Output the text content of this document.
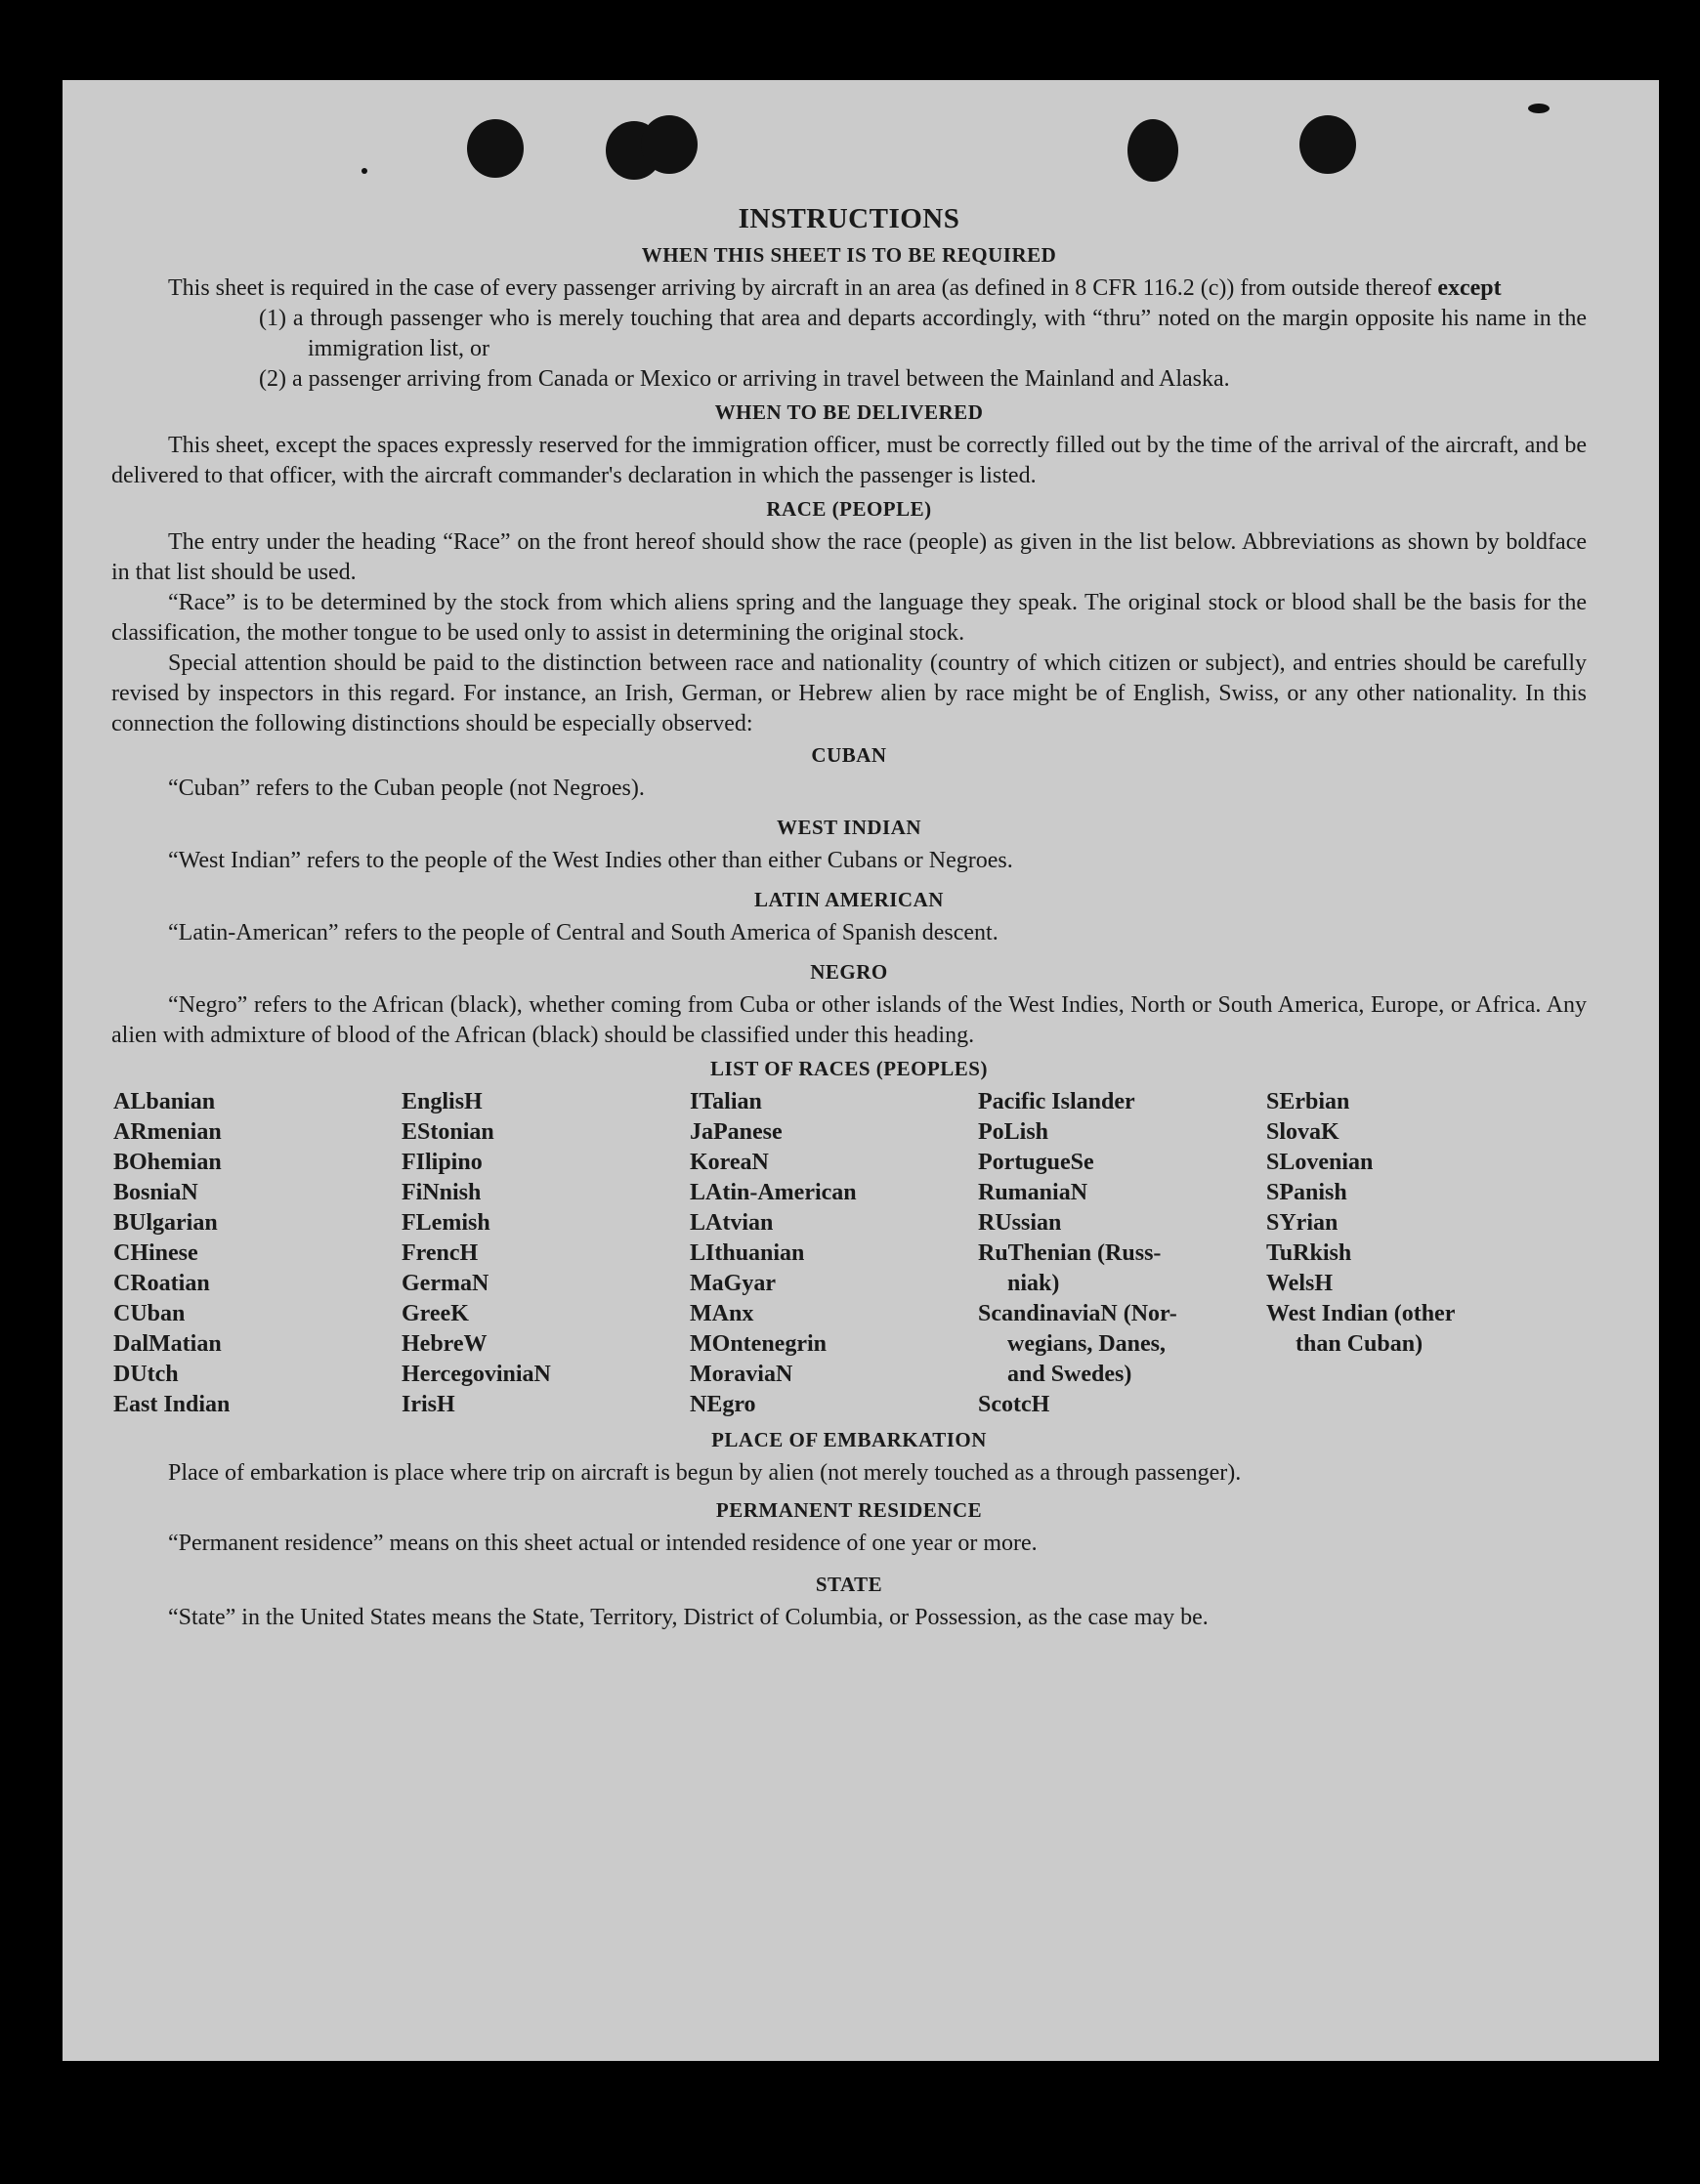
INSTRUCTIONS
WHEN THIS SHEET IS TO BE REQUIRED

This sheet is required in the case of every passenger arriving by aircraft in an area (as defined in 8 CFR 116.2 (c)) from outside thereof except

(1) a through passenger who is merely touching that area and departs accordingly, with “thru” noted on the margin opposite his name in the immigration list, or

(2) a passenger arriving from Canada or Mexico or arriving in travel between the Mainland and Alaska.

WHEN TO BE DELIVERED

This sheet, except the spaces expressly reserved for the immigration officer, must be correctly filled out by the time of the arrival of the aircraft, and be delivered to that officer, with the aircraft commander's declaration in which the passenger is listed.

RACE (PEOPLE)

The entry under the heading “Race” on the front hereof should show the race (people) as given in the list below. Abbreviations as shown by boldface in that list should be used.

“Race” is to be determined by the stock from which aliens spring and the language they speak. The original stock or blood shall be the basis for the classification, the mother tongue to be used only to assist in determining the original stock.

Special attention should be paid to the distinction between race and nationality (country of which citizen or subject), and entries should be carefully revised by inspectors in this regard. For instance, an Irish, German, or Hebrew alien by race might be of English, Swiss, or any other nationality. In this connection the following distinctions should be especially observed:

CUBAN

“Cuban” refers to the Cuban people (not Negroes).

WEST INDIAN

“West Indian” refers to the people of the West Indies other than either Cubans or Negroes.

LATIN AMERICAN

“Latin-American” refers to the people of Central and South America of Spanish descent.

NEGRO

“Negro” refers to the African (black), whether coming from Cuba or other islands of the West Indies, North or South America, Europe, or Africa. Any alien with admixture of blood of the African (black) should be classified under this heading.

LIST OF RACES (PEOPLES)
ALbanian
ARmenian
BOhemian
BosniaN
BUlgarian
CHinese
CRoatian
CUban
DalMatian
DUtch
East Indian
EnglisH
EStonian
FIlipino
FiNnish
FLemish
FrencH
GermaN
GreeK
HebreW
HercegoviniaN
IrisH
ITalian
JaPanese
KoreaN
LAtin-American
LAtvian
LIthuanian
MaGyar
MAnx
MOntenegrin
MoraviaN
NEgro
Pacific Islander
PoLish
PortugueSe
RumaniaN
RUssian
RuThenian (Russ-
niak)
ScandinaviaN (Nor-
wegians, Danes,
and Swedes)
ScotcH
SErbian
SlovaK
SLovenian
SPanish
SYrian
TuRkish
WelsH
West Indian (other
than Cuban)
PLACE OF EMBARKATION

Place of embarkation is place where trip on aircraft is begun by alien (not merely touched as a through passenger).

PERMANENT RESIDENCE

“Permanent residence” means on this sheet actual or intended residence of one year or more.

STATE

“State” in the United States means the State, Territory, District of Columbia, or Possession, as the case may be.
